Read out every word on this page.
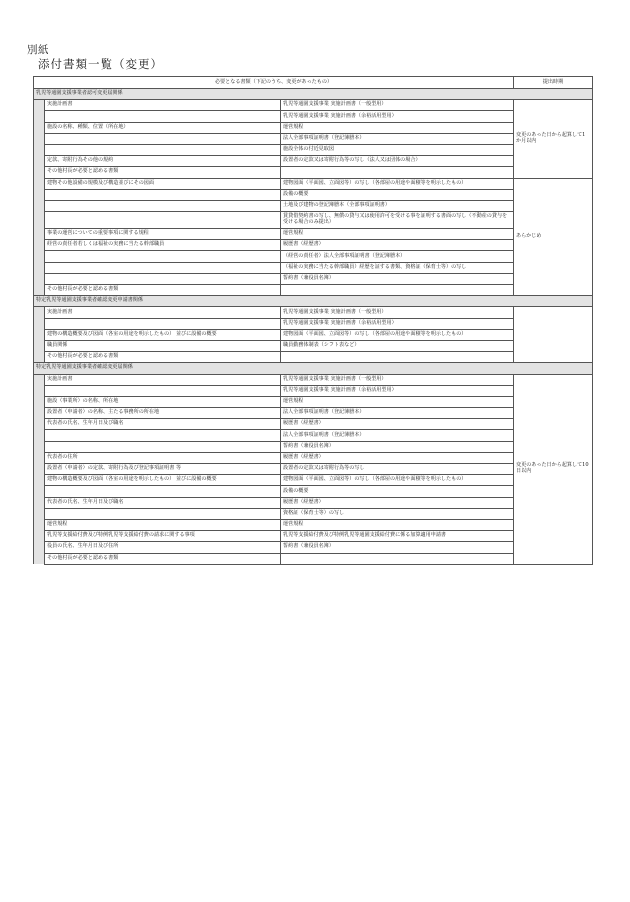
別紙
添付書類一覧（変更）
必要となる書類（下記のうち、変更があったもの）			提出時期
乳児等通園支援事業者認可変更届関係			
	実施計画書	乳児等通園支援事業 実施計画書（一般型用）	変更のあった日から起算して1か月以内
		乳児等通園支援事業 実施計画書（余裕活用型用）	
	施設の名称、種類、位置（所在地）	運営規程	
		法人全部事項証明書（登記簿謄本）	
		施設全体の付近見取図	
	定款、寄附行為その他の規約	設置者の定款又は寄附行為等の写し（法人又は団体の場合）	
	その他村長が必要と認める書類		
	建物その他設備の規模及び構造並びにその図面	建物図面（平面図、立面図等）の写し（各部屋の用途や面積等を明示したもの）	あらかじめ
		設備の概要	
		土地及び建物の登記簿謄本（全部事項証明書）	
		賃貸借契約書の写し、無償の貸与又は使用許可を受ける事を証明する書面の写し（不動産の貸与を受ける場合のみ提出）	
	事業の運営についての重要事項に関する規程	運営規程	
	経営の責任者若しくは福祉の実務に当たる幹部職員	履歴書（経歴書）	
		（経営の責任者）法人全部事項証明書（登記簿謄本）	
		（福祉の実務に当たる幹部職員）経歴を証する書類、資格証（保育士等）の写し	
		誓約書（兼役員名簿）	
	その他村長が必要と認める書類		
特定乳児等通園支援事業者確認変更申請書関係			
	実施計画書	乳児等通園支援事業 実施計画書（一般型用）	
		乳児等通園支援事業 実施計画書（余裕活用型用）	
	建物の構造概要及び図面（各室の用途を明示したもの） 並びに設備の概要	建物図面（平面図、立面図等）の写し（各部屋の用途や面積等を明示したもの）	
	職員関係	職員勤務体制表（シフト表など）	
	その他村長が必要と認める書類		
特定乳児等通園支援事業者確認変更届関係			
	実施計画書	乳児等通園支援事業 実施計画書（一般型用）	変更のあった日から起算して10日以内
		乳児等通園支援事業 実施計画書（余裕活用型用）	
	施設（事業所）の名称、所在地	運営規程	
	設置者（申請者）の名称、主たる事務所の所在地	法人全部事項証明書（登記簿謄本）	
	代表者の氏名、生年月日及び職名	履歴書（経歴書）	
		法人全部事項証明書（登記簿謄本）	
		誓約書（兼役員名簿）	
	代表者の住所	履歴書（経歴書）	
	設置者（申請者）の定款、寄附行為及び登記事項証明書 等	設置者の定款又は寄附行為等の写し	
	建物の構造概要及び図面（各室の用途を明示したもの） 並びに設備の概要	建物図面（平面図、立面図等）の写し（各部屋の用途や面積等を明示したもの）	
		設備の概要	
	代表者の氏名、生年月日及び職名	履歴書（経歴書）	
		資格証（保育士等）の写し	
	運営規程	運営規程	
	乳児等支援給付費及び特例乳児等支援給付費の請求に関する事項	乳児等支援給付費及び特例乳児等通園支援給付費に係る加算適用申請書	
	役員の氏名、生年月日及び住所	誓約書（兼役員名簿）	
	その他村長が必要と認める書類		
